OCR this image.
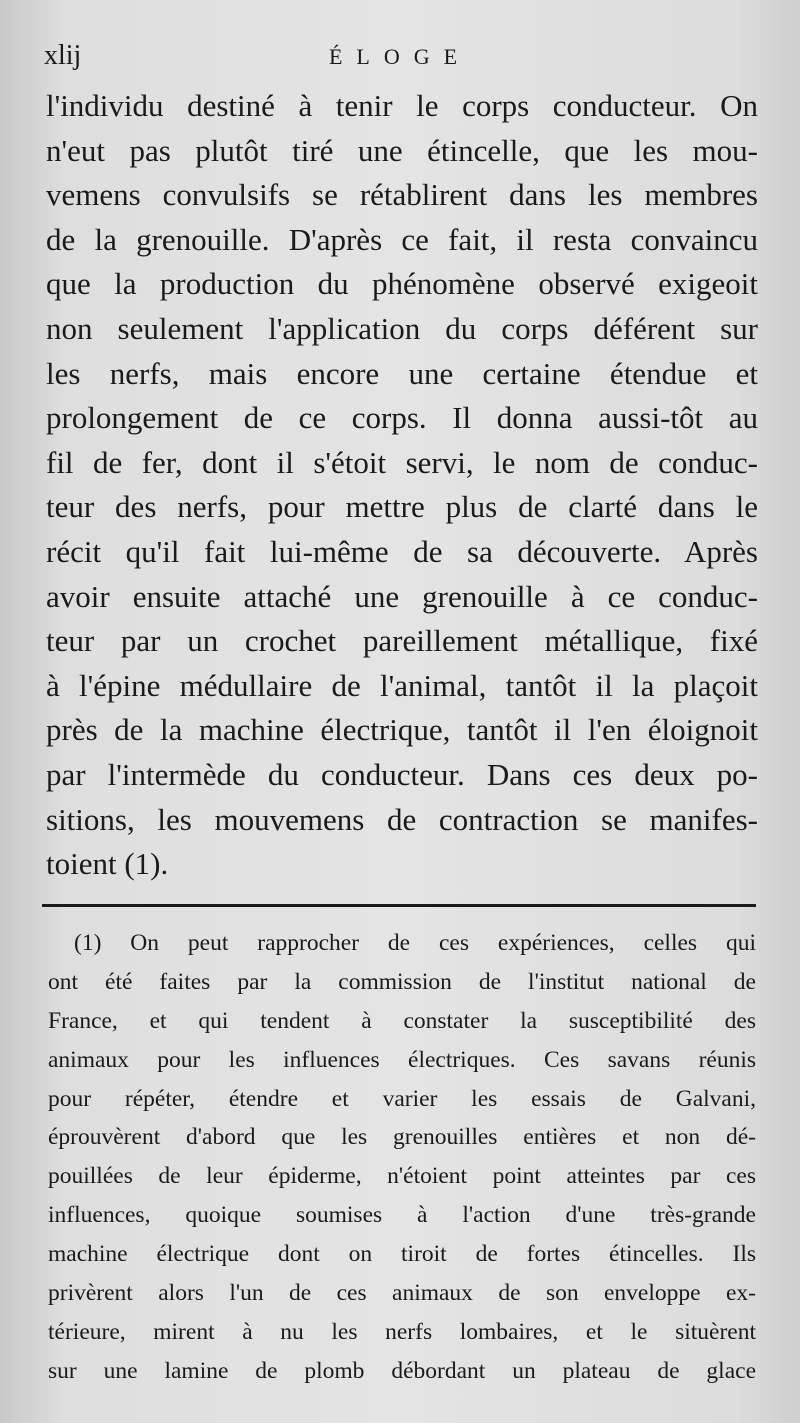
xlij	ÉLOGE
l'individu destiné à tenir le corps conducteur. On
n'eut pas plutôt tiré une étincelle, que les mou-
vemens convulsifs se rétablirent dans les membres
de la grenouille. D'après ce fait, il resta convaincu
que la production du phénomène observé exigeoit
non seulement l'application du corps déférent sur
les nerfs, mais encore une certaine étendue et
prolongement de ce corps. Il donna aussi-tôt au
fil de fer, dont il s'étoit servi, le nom de conduc-
teur des nerfs, pour mettre plus de clarté dans le
récit qu'il fait lui-même de sa découverte. Après
avoir ensuite attaché une grenouille à ce conduc-
teur par un crochet pareillement métallique, fixé
à l'épine médullaire de l'animal, tantôt il la plaçoit
près de la machine électrique, tantôt il l'en éloignoit
par l'intermède du conducteur. Dans ces deux po-
sitions, les mouvemens de contraction se manifes-
toient (1).
(1) On peut rapprocher de ces expériences, celles qui
ont été faites par la commission de l'institut national de
France, et qui tendent à constater la susceptibilité des
animaux pour les influences électriques. Ces savans réunis
pour répéter, étendre et varier les essais de Galvani,
éprouvèrent d'abord que les grenouilles entières et non dé-
pouillées de leur épiderme, n'étoient point atteintes par ces
influences, quoique soumises à l'action d'une très-grande
machine électrique dont on tiroit de fortes étincelles. Ils
privèrent alors l'un de ces animaux de son enveloppe ex-
térieure, mirent à nu les nerfs lombaires, et le situèrent
sur une lamine de plomb débordant un plateau de glace
